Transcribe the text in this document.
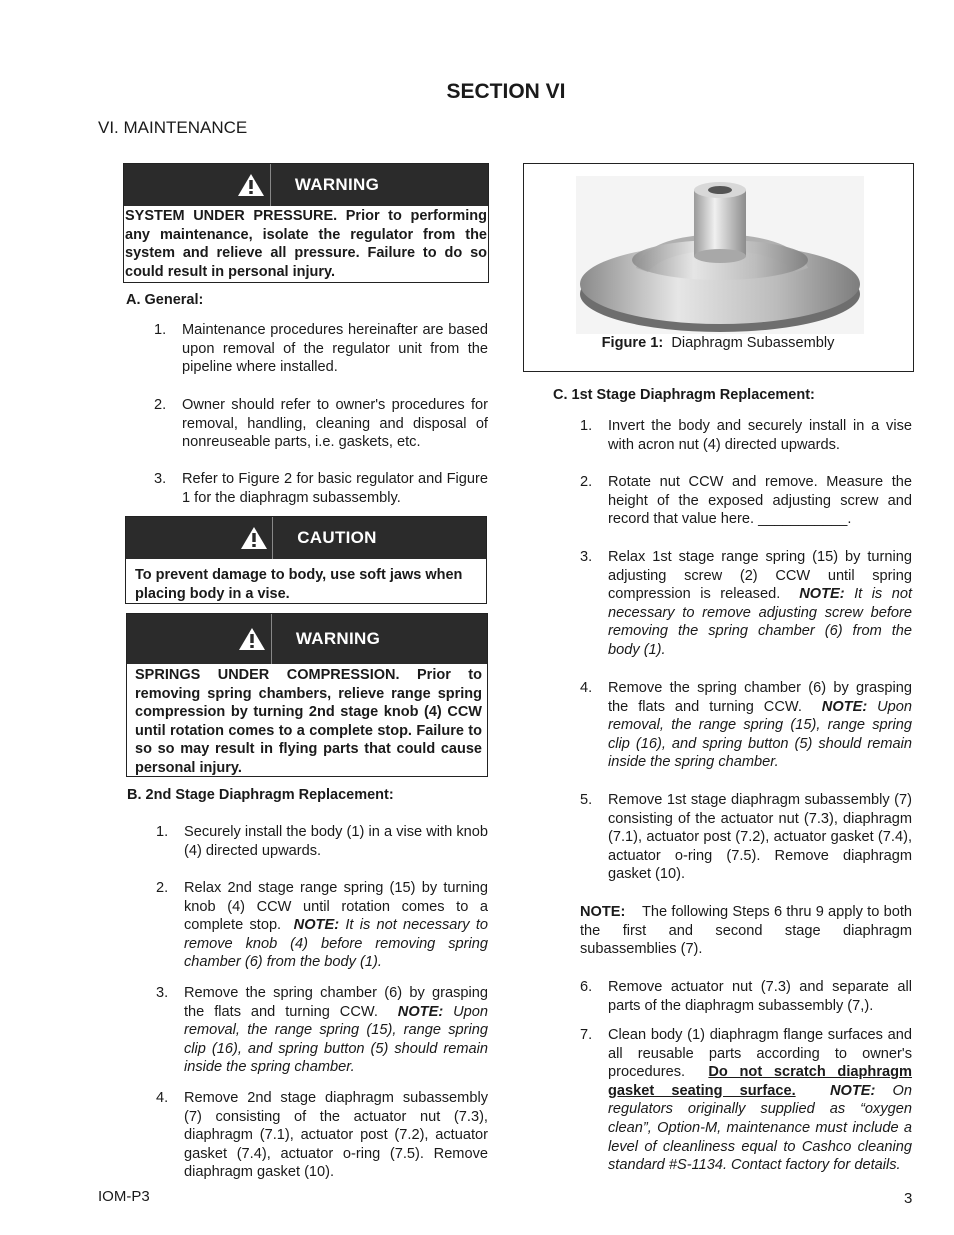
SECTION VI
VI. MAINTENANCE
WARNING
SYSTEM UNDER PRESSURE. Prior to performing any maintenance, isolate the regulator from the system and relieve all pressure. Failure to do so could result in personal injury.
A. General:
1. Maintenance procedures hereinafter are based upon removal of the regulator unit from the pipeline where installed.
2. Owner should refer to owner's procedures for removal, handling, cleaning and disposal of nonreuseable parts, i.e. gaskets, etc.
3. Refer to Figure 2 for basic regulator and Figure 1 for the diaphragm subassembly.
CAUTION
To prevent damage to body, use soft jaws when placing body in a vise.
WARNING
SPRINGS UNDER COMPRESSION. Prior to removing spring chambers, relieve range spring compression by turning 2nd stage knob (4) CCW until rotation comes to a complete stop. Failure to so so may result in flying parts that could cause personal injury.
B. 2nd Stage Diaphragm Replacement:
1. Securely install the body (1) in a vise with knob (4) directed upwards.
2. Relax 2nd stage range spring (15) by turning knob (4) CCW until rotation comes to a complete stop. NOTE: It is not necessary to remove knob (4) before removing spring chamber (6) from the body (1).
3. Remove the spring chamber (6) by grasping the flats and turning CCW. NOTE: Upon removal, the range spring (15), range spring clip (16), and spring button (5) should remain inside the spring chamber.
4. Remove 2nd stage diaphragm subassembly (7) consisting of the actuator nut (7.3), diaphragm (7.1), actuator post (7.2), actuator gasket (7.4), actuator o-ring (7.5). Remove diaphragm gasket (10).
Figure 1: Diaphragm Subassembly
C. 1st Stage Diaphragm Replacement:
1. Invert the body and securely install in a vise with acron nut (4) directed upwards.
2. Rotate nut CCW and remove. Measure the height of the exposed adjusting screw and record that value here. ___________.
3. Relax 1st stage range spring (15) by turning adjusting screw (2) CCW until spring compression is released. NOTE: It is not necessary to remove adjusting screw before removing the spring chamber (6) from the body (1).
4. Remove the spring chamber (6) by grasping the flats and turning CCW. NOTE: Upon removal, the range spring (15), range spring clip (16), and spring button (5) should remain inside the spring chamber.
5. Remove 1st stage diaphragm subassembly (7) consisting of the actuator nut (7.3), diaphragm (7.1), actuator post (7.2), actuator gasket (7.4), actuator o-ring (7.5). Remove diaphragm gasket (10).
NOTE:	The following Steps 6 thru 9 apply to both the first and second stage diaphragm subassemblies (7).
6. Remove actuator nut (7.3) and separate all parts of the diaphragm subassembly (7,).
7. Clean body (1) diaphragm flange surfaces and all reusable parts according to owner's procedures. Do not scratch diaphragm gasket seating surface. NOTE: On regulators originally supplied as “oxygen clean”, Option-M, maintenance must include a level of cleanliness equal to Cashco cleaning standard #S-1134. Contact factory for details.
IOM-P3	3
